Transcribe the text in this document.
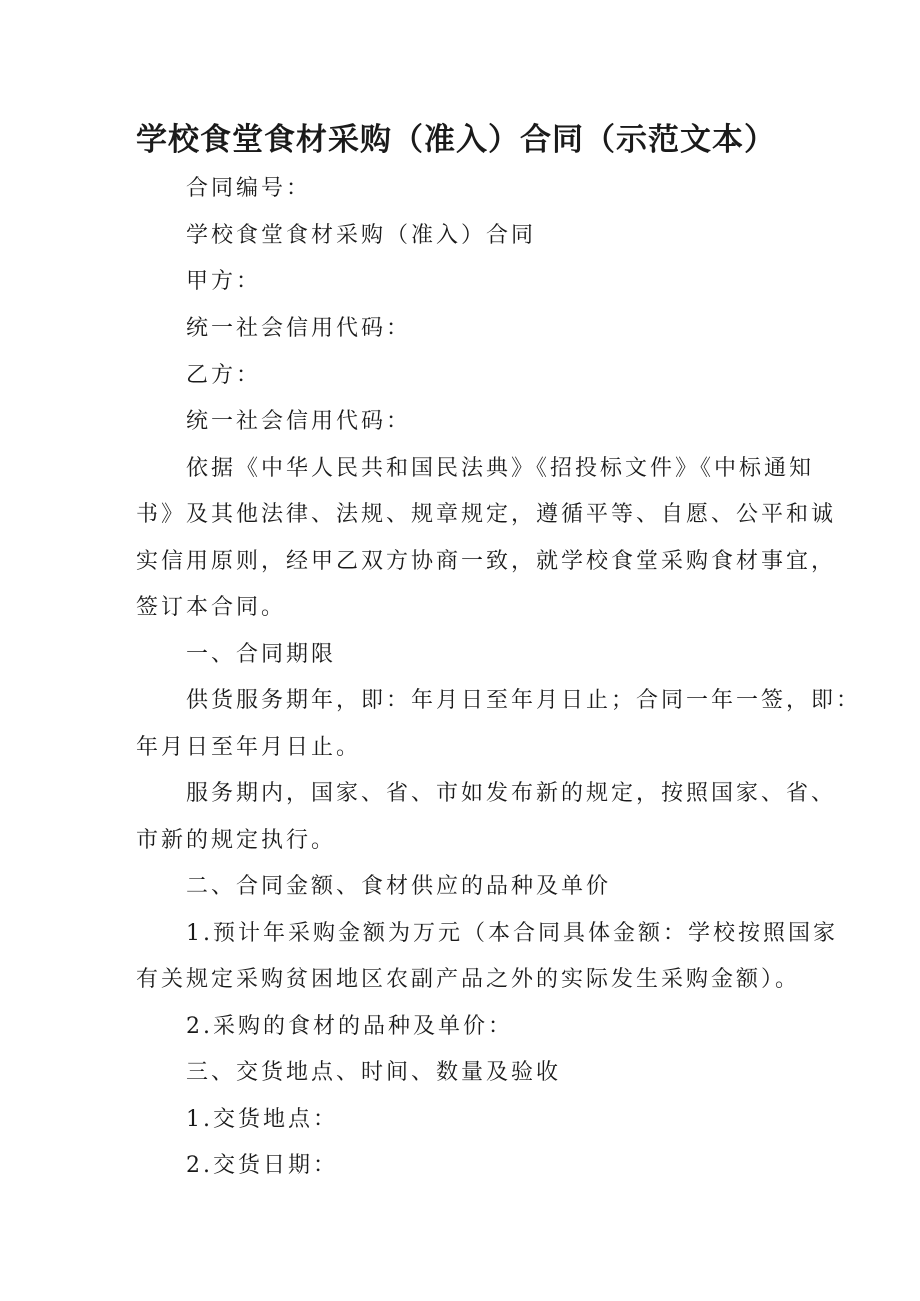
学校食堂食材采购（准入）合同（示范文本）
合同编号：
学校食堂食材采购（准入）合同
甲方：
统一社会信用代码：
乙方：
统一社会信用代码：
依据《中华人民共和国民法典》《招投标文件》《中标通知
书》及其他法律、法规、规章规定，遵循平等、自愿、公平和诚
实信用原则，经甲乙双方协商一致，就学校食堂采购食材事宜，
签订本合同。
一、合同期限
供货服务期年，即：年月日至年月日止；合同一年一签，即：
年月日至年月日止。
服务期内，国家、省、市如发布新的规定，按照国家、省、
市新的规定执行。
二、合同金额、食材供应的品种及单价
1.预计年采购金额为万元（本合同具体金额：学校按照国家
有关规定采购贫困地区农副产品之外的实际发生采购金额）。
2.采购的食材的品种及单价：
三、交货地点、时间、数量及验收
1.交货地点：
2.交货日期：
